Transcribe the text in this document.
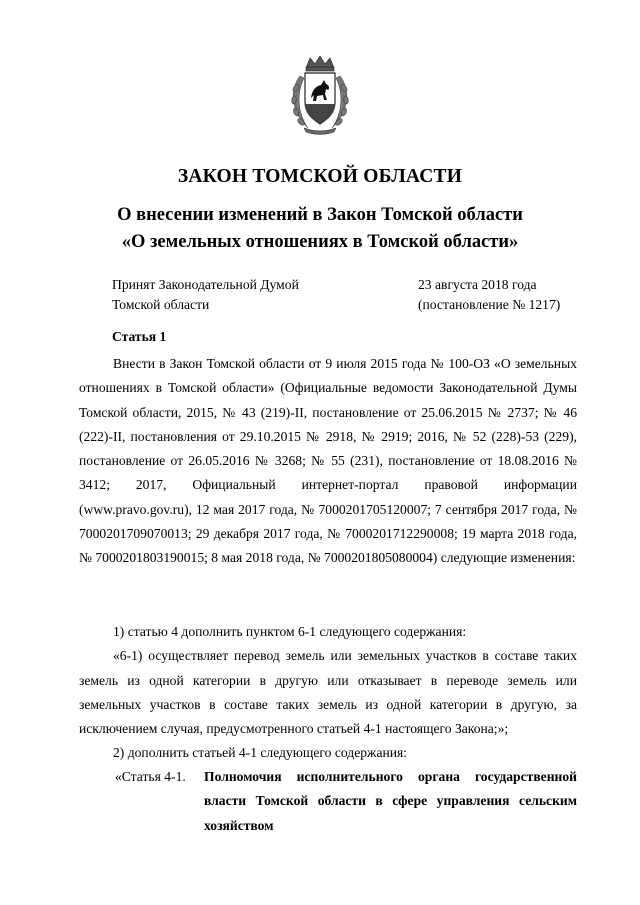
ЗАКОН ТОМСКОЙ ОБЛАСТИ
О внесении изменений в Закон Томской области
«О земельных отношениях в Томской области»
Принят Законодательной Думой
Томской области
23 августа 2018 года
(постановление № 1217)
Статья 1
Внести в Закон Томской области от 9 июля 2015 года № 100-ОЗ «О земельных отношениях в Томской области» (Официальные ведомости Законодательной Думы Томской области, 2015, № 43 (219)-II, постановление от 25.06.2015 № 2737; № 46 (222)-II, постановления от 29.10.2015 № 2918, № 2919; 2016, № 52 (228)-53 (229), постановление от 26.05.2016 № 3268; № 55 (231), постановление от 18.08.2016 № 3412; 2017, Официальный интернет-портал правовой информации (www.pravo.gov.ru), 12 мая 2017 года, № 7000201705120007; 7 сентября 2017 года, № 7000201709070013; 29 декабря 2017 года, № 7000201712290008; 19 марта 2018 года, № 7000201803190015; 8 мая 2018 года, № 7000201805080004) следующие изменения:
1) статью 4 дополнить пунктом 6-1 следующего содержания:
«6-1) осуществляет перевод земель или земельных участков в составе таких земель из одной категории в другую или отказывает в переводе земель или земельных участков в составе таких земель из одной категории в другую, за исключением случая, предусмотренного статьей 4-1 настоящего Закона;»;
2) дополнить статьей 4-1 следующего содержания:
«Статья 4-1. Полномочия исполнительного органа государственной власти Томской области в сфере управления сельским хозяйством
